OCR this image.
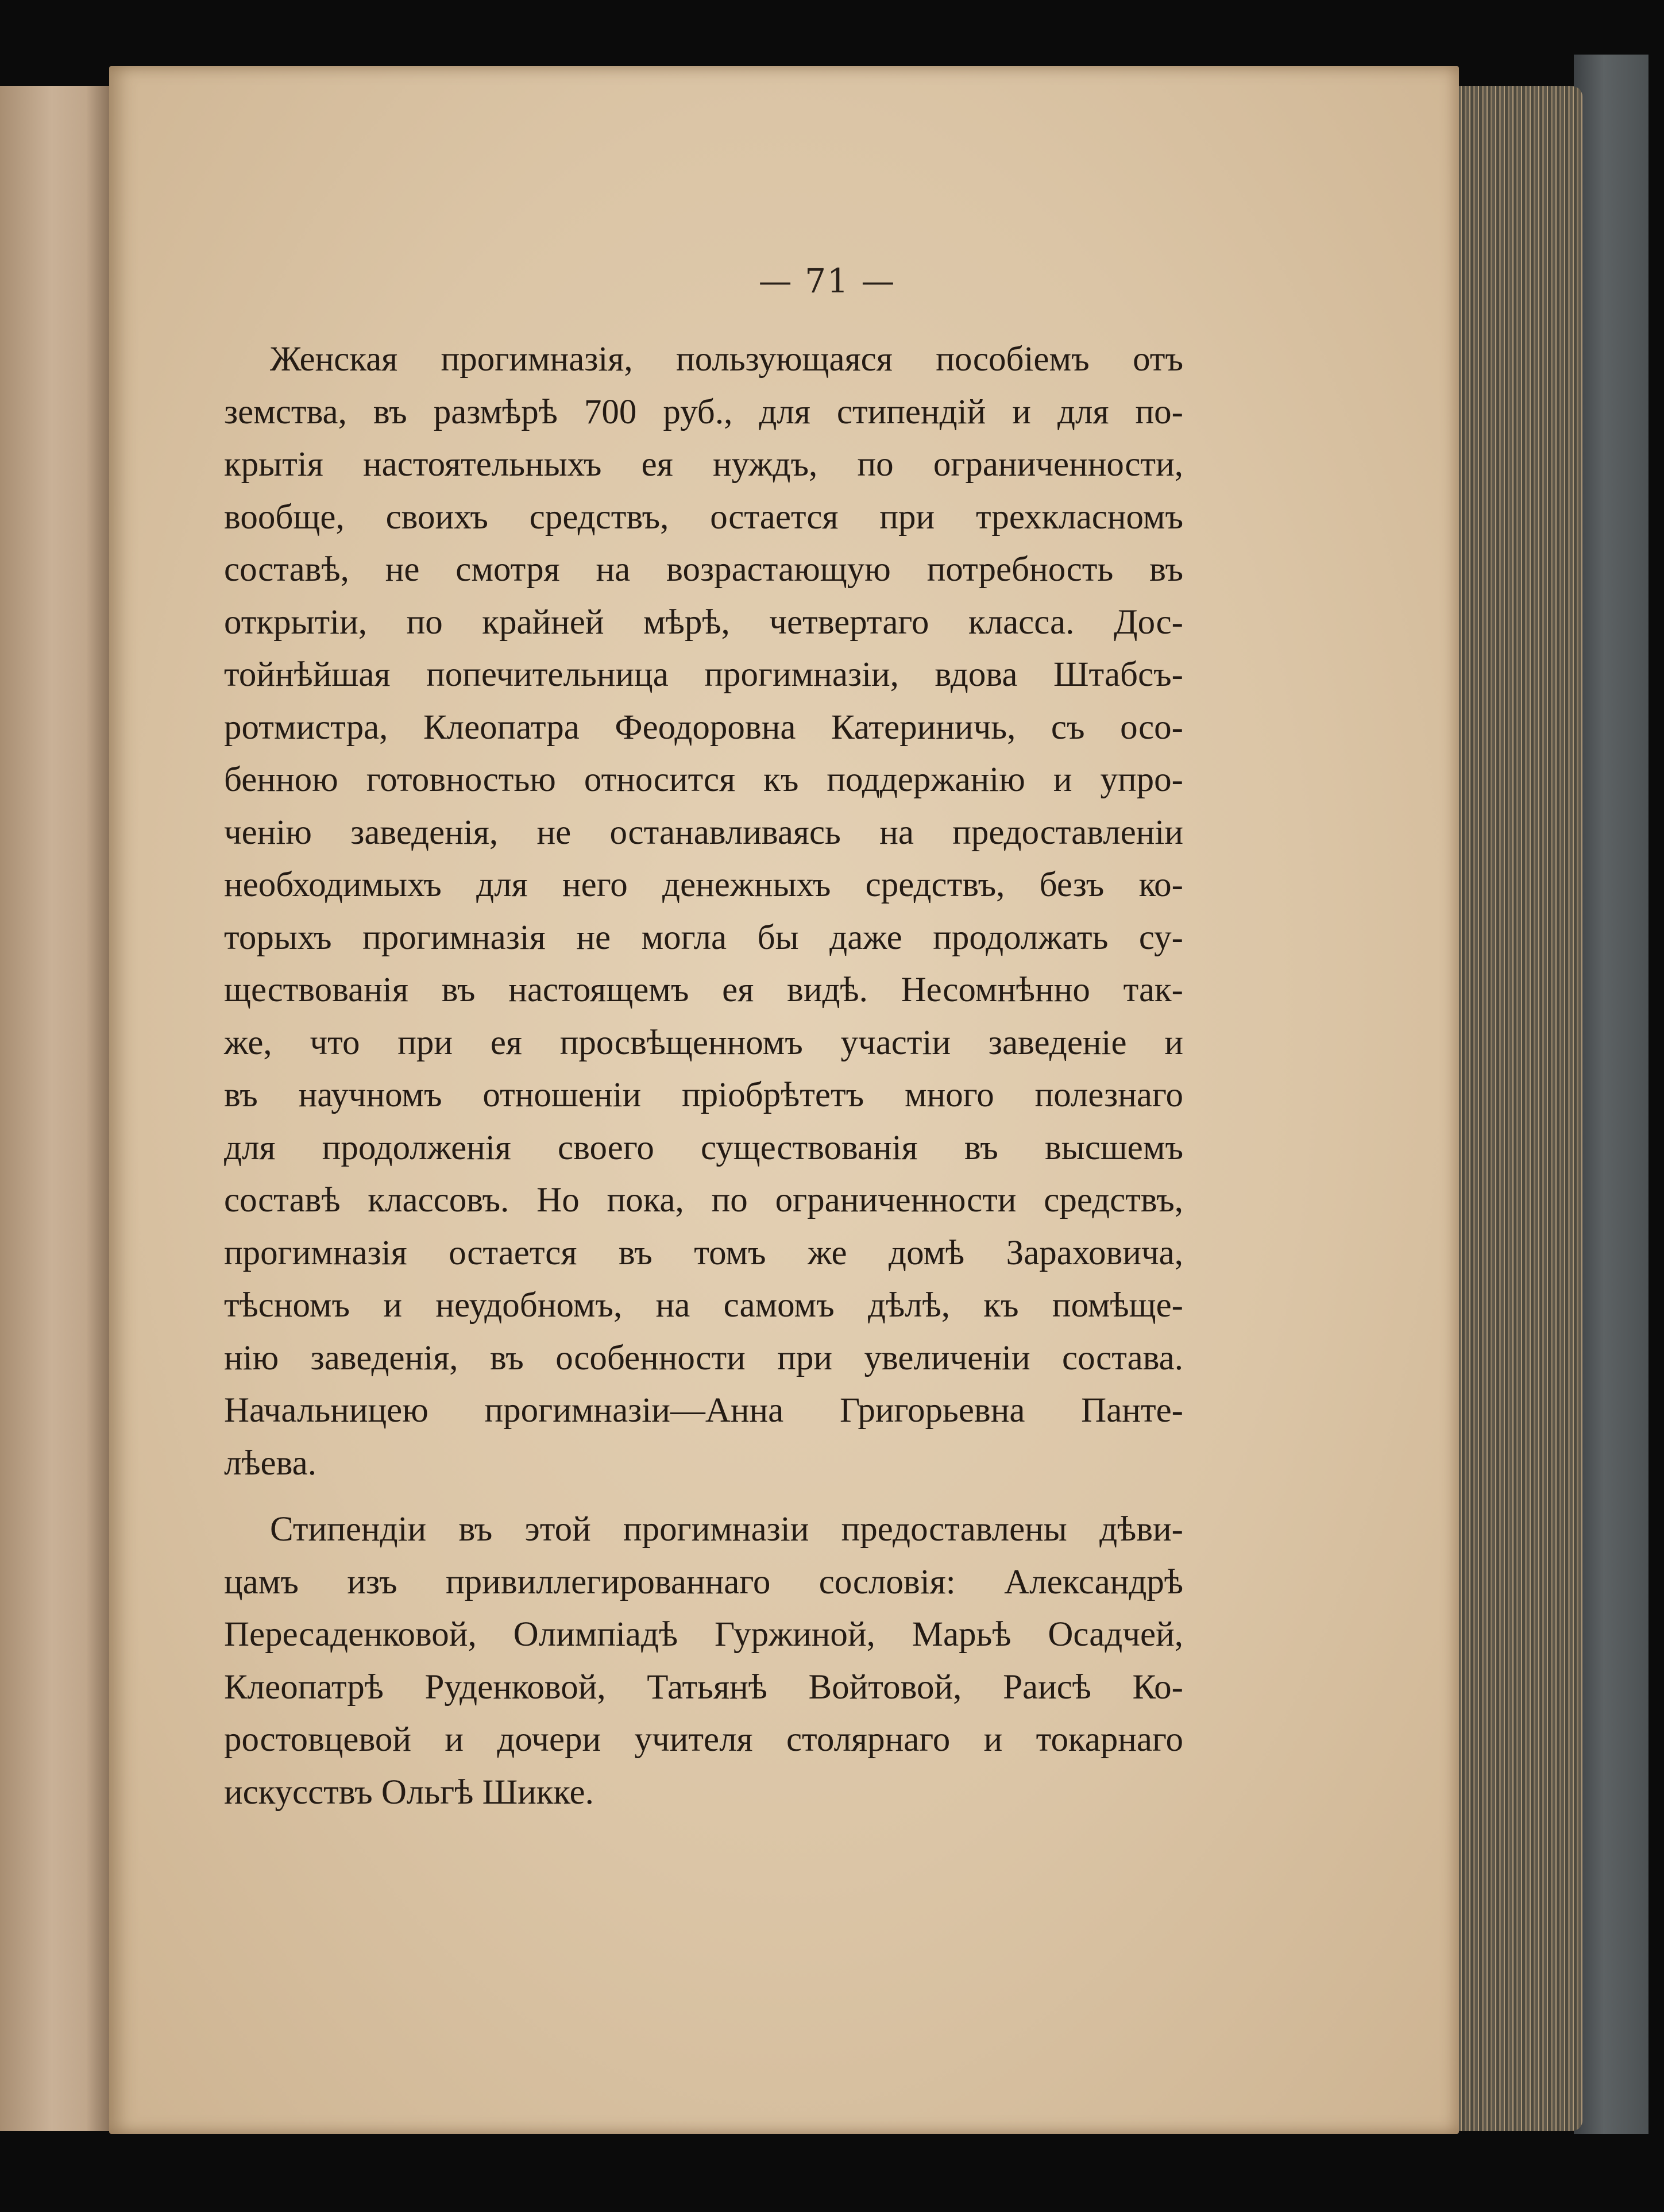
— 71 —
Женская прогимназія, пользующаяся пособіемъ отъ
земства, въ размѣрѣ 700 руб., для стипендій и для по-
крытія настоятельныхъ ея нуждъ, по ограниченности,
вообще, своихъ средствъ, остается при трехкласномъ
составѣ, не смотря на возрастающую потребность въ
открытіи, по крайней мѣрѣ, четвертаго класса. Дос-
тойнѣйшая попечительница прогимназіи, вдова Штабсъ-
ротмистра, Клеопатра Феодоровна Катериничь, съ осо-
бенною готовностью относится къ поддержанію и упро-
ченію заведенія, не останавливаясь на предоставленіи
необходимыхъ для него денежныхъ средствъ, безъ ко-
торыхъ прогимназія не могла бы даже продолжать су-
ществованія въ настоящемъ ея видѣ. Несомнѣнно так-
же, что при ея просвѣщенномъ участіи заведеніе и
въ научномъ отношеніи пріобрѣтетъ много полезнаго
для продолженія своего существованія въ высшемъ
составѣ классовъ. Но пока, по ограниченности средствъ,
прогимназія остается въ томъ же домѣ Зараховича,
тѣсномъ и неудобномъ, на самомъ дѣлѣ, къ помѣще-
нію заведенія, въ особенности при увеличеніи состава.
Начальницею прогимназіи—Анна Григорьевна Панте-
лѣева.
Стипендіи въ этой прогимназіи предоставлены дѣви-
цамъ изъ привиллегированнаго сословія: Александрѣ
Пересаденковой, Олимпіадѣ Гуржиной, Марьѣ Осадчей,
Клеопатрѣ Руденковой, Татьянѣ Войтовой, Раисѣ Ко-
ростовцевой и дочери учителя столярнаго и токарнаго
искусствъ Ольгѣ Шикке.
